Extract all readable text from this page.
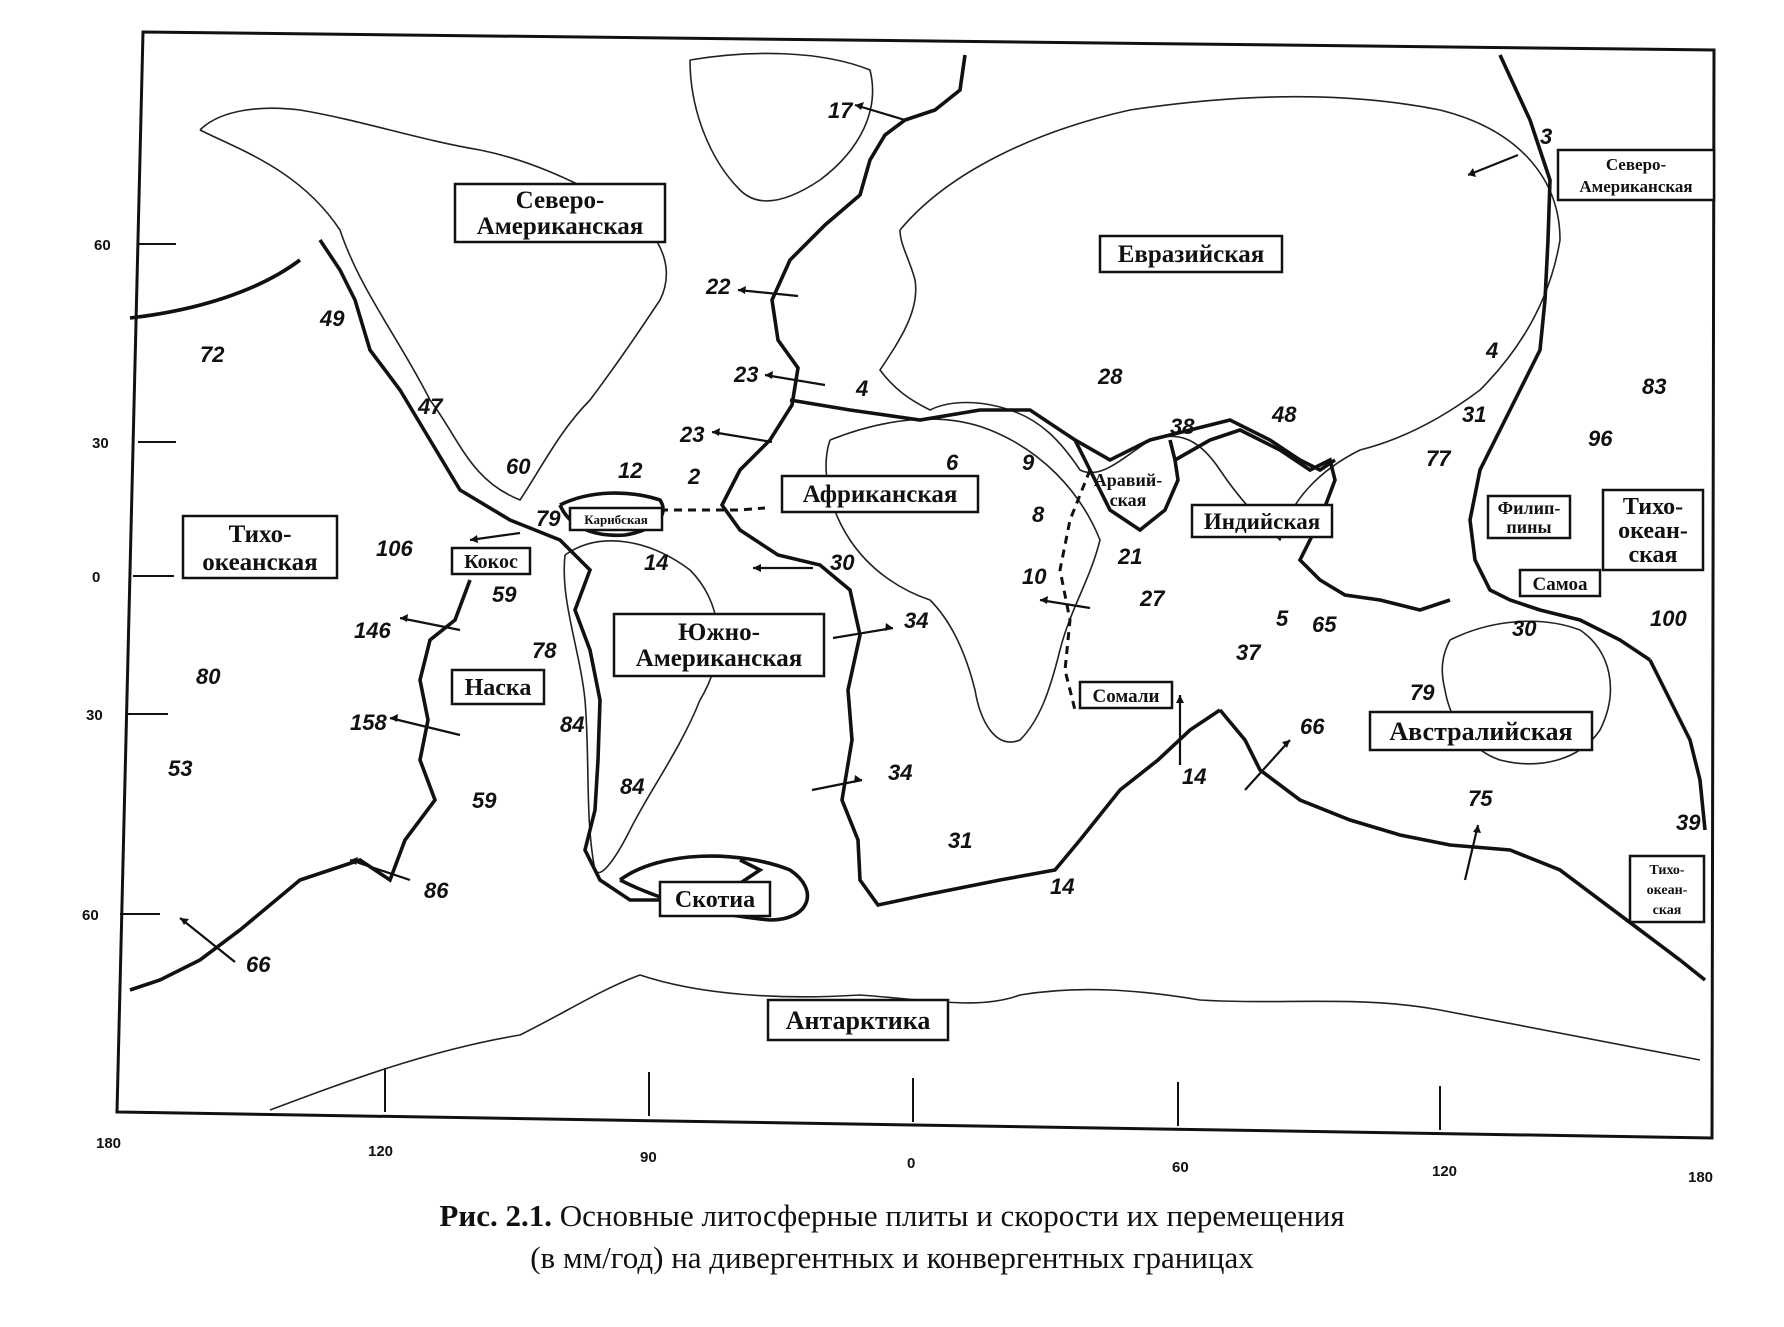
60
30
0
30
60
180	120	90	0	60	120	180
Северо-
Американская
Северо-
Американская
Евразийская
Тихо-
океанская
Тихо-
океан-
ская
Тихо-
океан-
ская
Африканская
Аравий-
ская
Индийская
Карибская
Кокос
Наска
Южно-
Американская
Сомали
Филип-
пины
Самоа
Австралийская
Скотиа
Антарктика
17
3
22
49
72
23
4
4
83
47
28
38	48
96
23
6	9
31
77
60	12 2
8
106
79
14	30	21
59
10
27
5 65	100
146
78
34
37
80
30
84
158
14
66
53
59
84
34
75
79
39
31
14
86
66
Рис. 2.1. Основные литосферные плиты и скорости их перемещения
(в мм/год) на дивергентных и конвергентных границах
